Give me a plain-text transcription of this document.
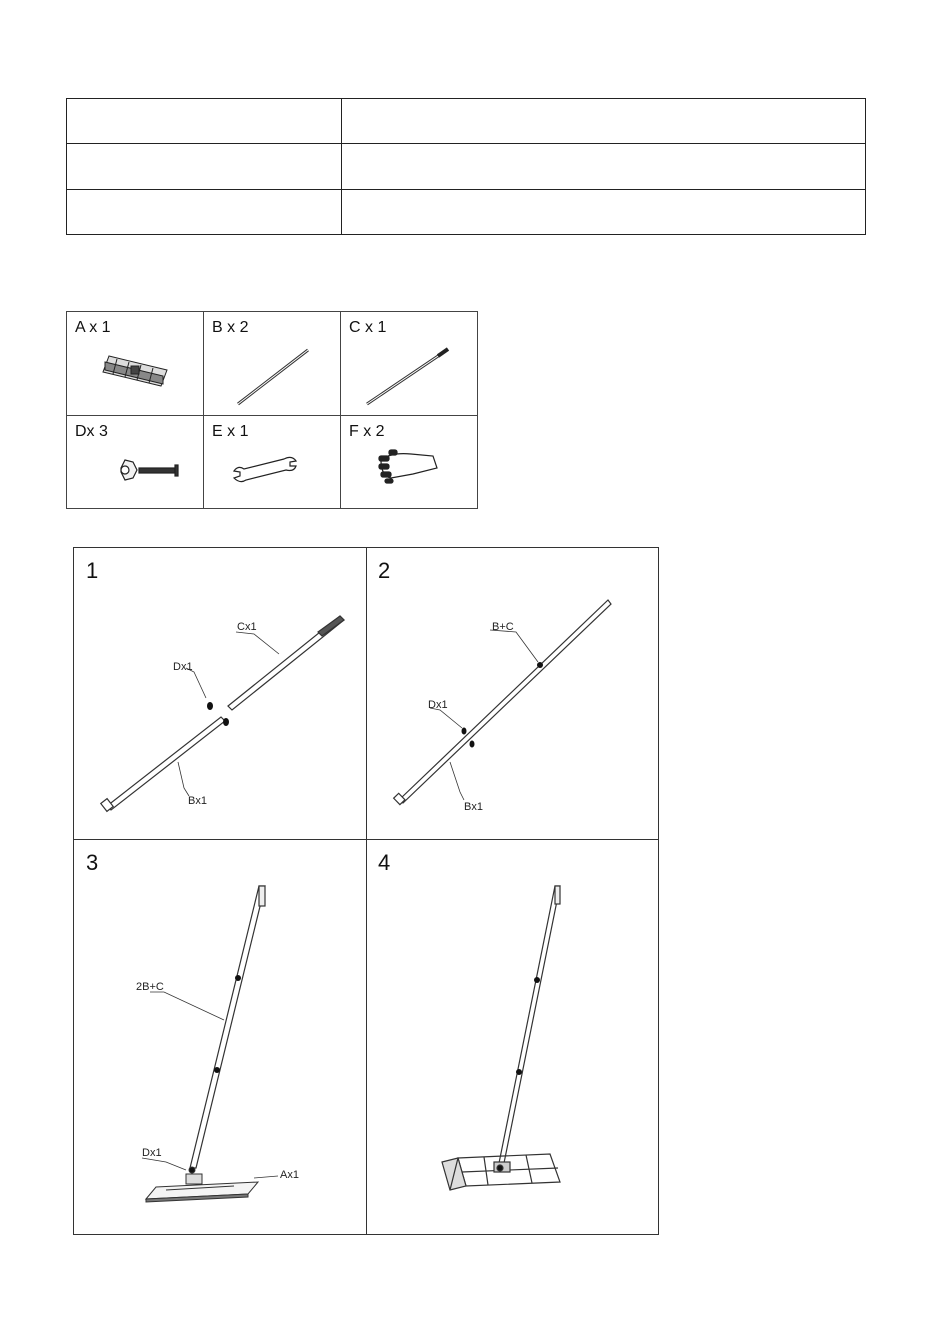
A x 1	B x 2	C x 1

Dx 3	E x 1	F x 2
1
Cx1
Dx1
Bx1
2
B+C
Dx1
Bx1
3
2B+C
Dx1
Ax1
4
